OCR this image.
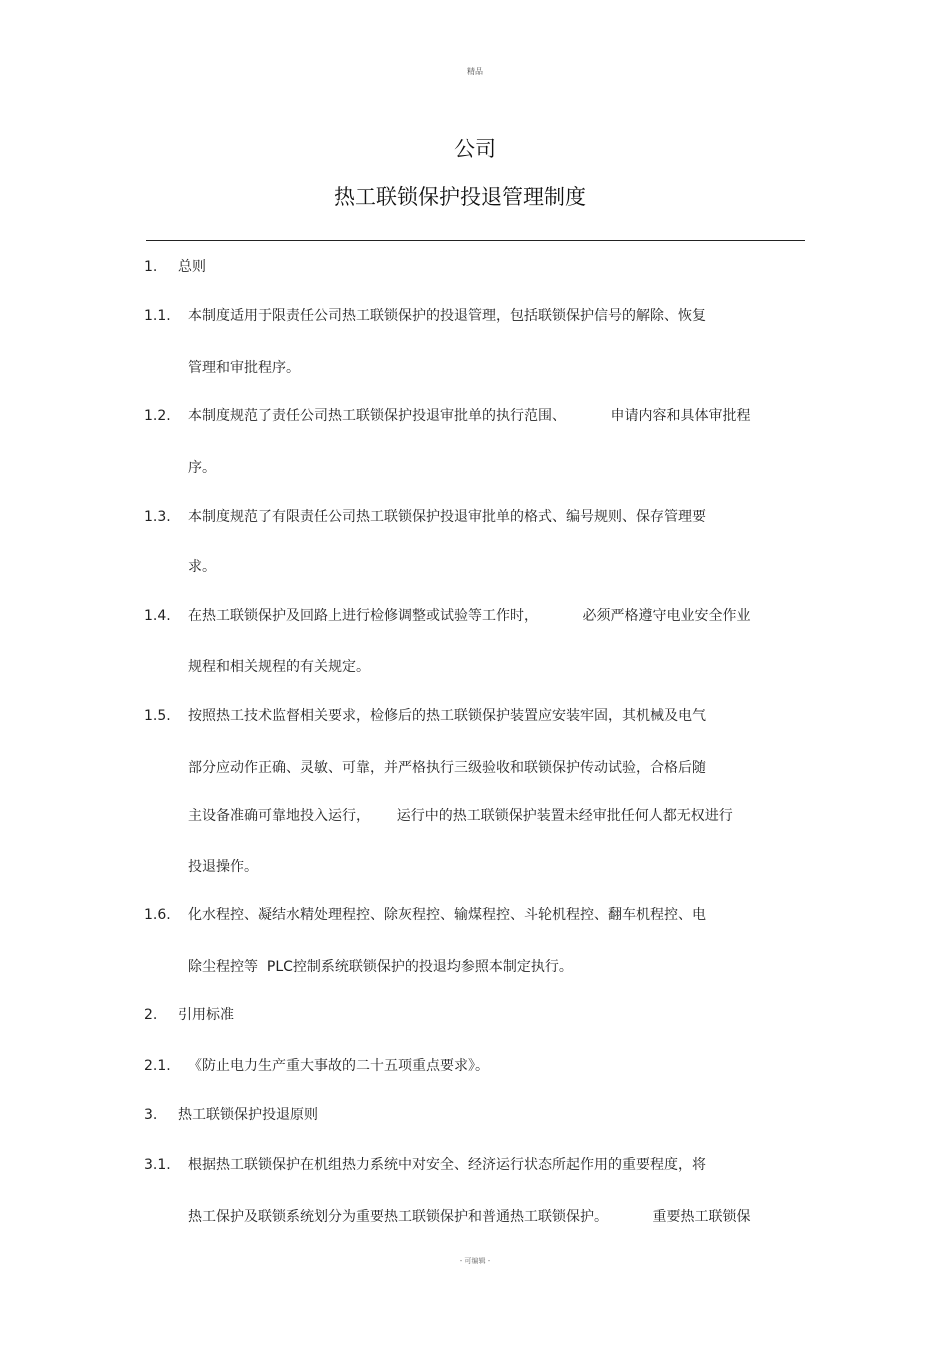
精品
公司
热工联锁保护投退管理制度
1. 总则
1.1. 本制度适用于限责任公司热工联锁保护的投退管理，包括联锁保护信号的解除、恢复
管理和审批程序。
1.2. 本制度规范了责任公司热工联锁保护投退审批单的执行范围、          申请内容和具体审批程
序。
1.3. 本制度规范了有限责任公司热工联锁保护投退审批单的格式、编号规则、保存管理要
求。
1.4. 在热工联锁保护及回路上进行检修调整或试验等工作时，          必须严格遵守电业安全作业
规程和相关规程的有关规定。
1.5. 按照热工技术监督相关要求，检修后的热工联锁保护装置应安装牢固，其机械及电气
部分应动作正确、灵敏、可靠，并严格执行三级验收和联锁保护传动试验，合格后随
主设备准确可靠地投入运行，      运行中的热工联锁保护装置未经审批任何人都无权进行
投退操作。
1.6. 化水程控、凝结水精处理程控、除灰程控、输煤程控、斗轮机程控、翻车机程控、电
除尘程控等  PLC控制系统联锁保护的投退均参照本制定执行。
2. 引用标准
2.1. 《防止电力生产重大事故的二十五项重点要求》。
3. 热工联锁保护投退原则
3.1. 根据热工联锁保护在机组热力系统中对安全、经济运行状态所起作用的重要程度，将
热工保护及联锁系统划分为重要热工联锁保护和普通热工联锁保护。          重要热工联锁保
- 可编辑 -
